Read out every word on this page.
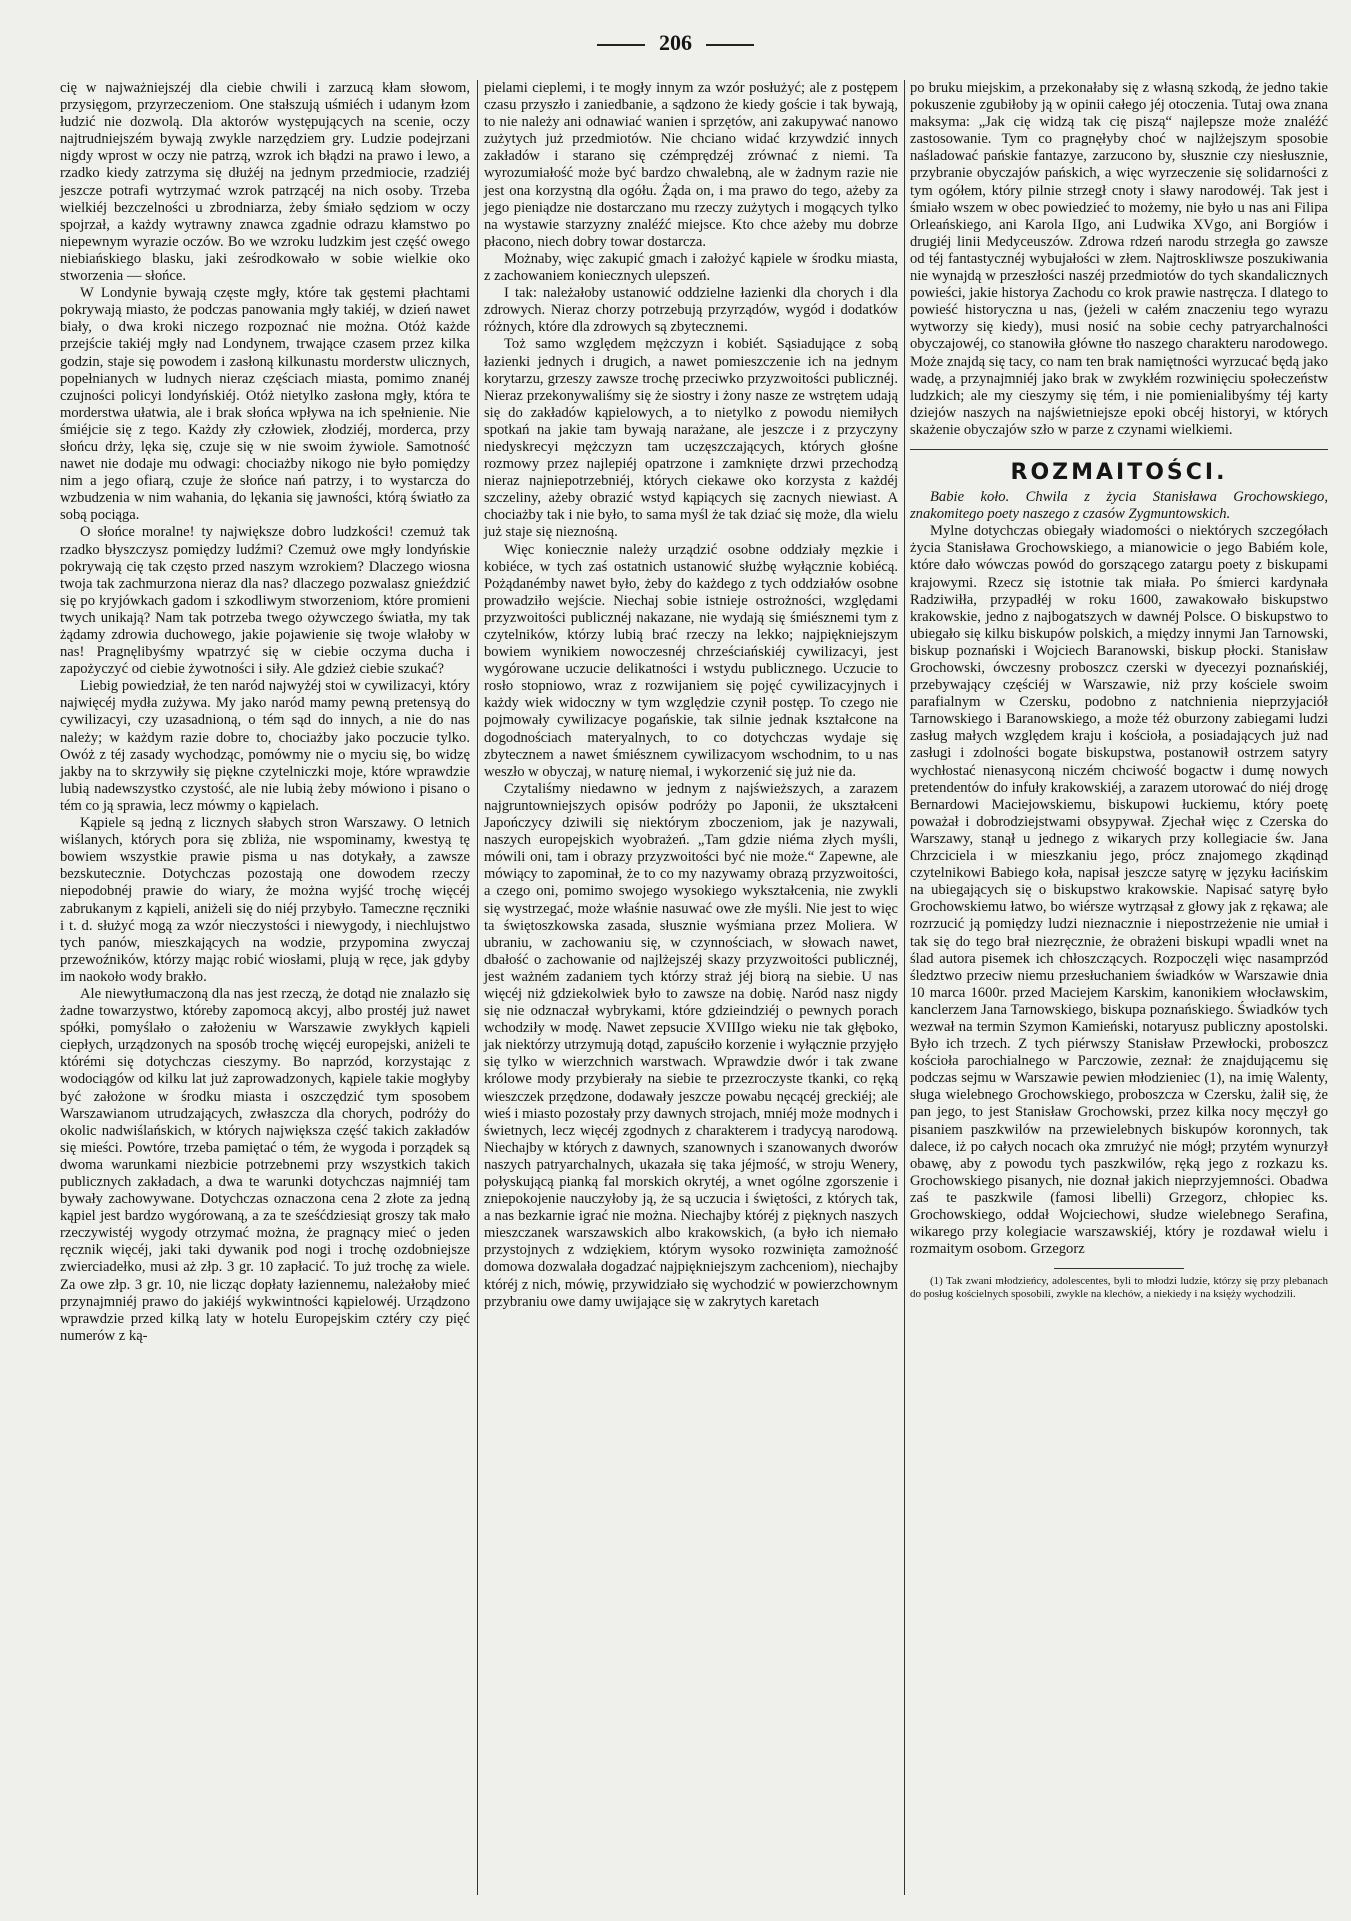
206

cię w najważniejszéj dla ciebie chwili i zarzucą kłam słowom, przysięgom, przyrzeczeniom. One stałszują uśmiéch i udanym łzom łudzić nie dozwolą. Dla aktorów występujących na scenie, oczy najtrudniejszém bywają zwykle narzędziem gry. Ludzie podejrzani nigdy wprost w oczy nie patrzą, wzrok ich błądzi na prawo i lewo, a rzadko kiedy zatrzyma się dłużéj na jednym przedmiocie, rzadziéj jeszcze potrafi wytrzymać wzrok patrzącéj na nich osoby. Trzeba wielkiéj bezczelności u zbrodniarza, żeby śmiało sędziom w oczy spojrzał, a każdy wytrawny znawca zgadnie odrazu kłamstwo po niepewnym wyrazie oczów. Bo we wzroku ludzkim jest część owego niebiańskiego blasku, jaki ześrodkowało w sobie wielkie oko stworzenia — słońce.

W Londynie bywają częste mgły, które tak gęstemi płachtami pokrywają miasto, że podczas panowania mgły takiéj, w dzień nawet biały, o dwa kroki niczego rozpoznać nie można. Otóż każde przejście takiéj mgły nad Londynem, trwające czasem przez kilka godzin, staje się powodem i zasłoną kilkunastu morderstw ulicznych, popełnianych w ludnych nieraz częściach miasta, pomimo znanéj czujności policyi londyńskiéj. Otóż nietylko zasłona mgły, która te morderstwa ułatwia, ale i brak słońca wpływa na ich spełnienie. Nie śmiéjcie się z tego. Każdy zły człowiek, złodziéj, morderca, przy słońcu drży, lęka się, czuje się w nie swoim żywiole. Samotność nawet nie dodaje mu odwagi: chociażby nikogo nie było pomiędzy nim a jego ofiarą, czuje że słońce nań patrzy, i to wystarcza do wzbudzenia w nim wahania, do lękania się jawności, którą światło za sobą pociąga.

O słońce moralne! ty największe dobro ludzkości! czemuż tak rzadko błyszczysz pomiędzy ludźmi? Czemuż owe mgły londyńskie pokrywają cię tak często przed naszym wzrokiem? Dlaczego wiosna twoja tak zachmurzona nieraz dla nas? dlaczego pozwalasz gnieździć się po kryjówkach gadom i szkodliwym stworzeniom, które promieni twych unikają? Nam tak potrzeba twego ożywczego światła, my tak żądamy zdrowia duchowego, jakie pojawienie się twoje wlałoby w nas! Pragnęlibyśmy wpatrzyć się w ciebie oczyma ducha i zapożyczyć od ciebie żywotności i siły. Ale gdzież ciebie szukać?

Liebig powiedział, że ten naród najwyżéj stoi w cywilizacyi, który najwięcéj mydła zużywa. My jako naród mamy pewną pretensyą do cywilizacyi, czy uzasadnioną, o tém sąd do innych, a nie do nas należy; w każdym razie dobre to, chociażby jako poczucie tylko. Owóż z téj zasady wychodząc, pomówmy nie o myciu się, bo widzę jakby na to skrzywiły się piękne czytelniczki moje, które wprawdzie lubią nadewszystko czystość, ale nie lubią żeby mówiono i pisano o tém co ją sprawia, lecz mówmy o kąpielach.

Kąpiele są jedną z licznych słabych stron Warszawy. O letnich wiślanych, których pora się zbliża, nie wspominamy, kwestyą tę bowiem wszystkie prawie pisma u nas dotykały, a zawsze bezskutecznie. Dotychczas pozostają one dowodem rzeczy niepodobnéj prawie do wiary, że można wyjść trochę więcéj zabrukanym z kąpieli, aniżeli się do niéj przybyło. Tameczne ręczniki i t. d. służyć mogą za wzór nieczystości i niewygody, i niechlujstwo tych panów, mieszkających na wodzie, przypomina zwyczaj przewoźników, którzy mając robić wiosłami, plują w ręce, jak gdyby im naokoło wody brakło.

Ale niewytłumaczoną dla nas jest rzeczą, że dotąd nie znalazło się żadne towarzystwo, któreby zapomocą akcyj, albo prostéj już nawet spółki, pomyślało o założeniu w Warszawie zwykłych kąpieli ciepłych, urządzonych na sposób trochę więcéj europejski, aniżeli te którémi się dotychczas cieszymy. Bo naprzód, korzystając z wodociągów od kilku lat już zaprowadzonych, kąpiele takie mogłyby być założone w środku miasta i oszczędzić tym sposobem Warszawianom utrudzających, zwłaszcza dla chorych, podróży do okolic nadwiślańskich, w których największa część takich zakładów się mieści. Powtóre, trzeba pamiętać o tém, że wygoda i porządek są dwoma warunkami niezbicie potrzebnemi przy wszystkich takich publicznych zakładach, a dwa te warunki dotychczas najmniéj tam bywały zachowywane. Dotychczas oznaczona cena 2 złote za jedną kąpiel jest bardzo wygórowaną, a za te sześćdziesiąt groszy tak mało rzeczywistéj wygody otrzymać można, że pragnący mieć o jeden ręcznik więcéj, jaki taki dywanik pod nogi i trochę ozdobniejsze zwierciadełko, musi aż złp. 3 gr. 10 zapłacić. To już trochę za wiele. Za owe złp. 3 gr. 10, nie licząc dopłaty łaziennemu, należałoby mieć przynajmniéj prawo do jakiéjś wykwintności kąpielowéj. Urządzono wprawdzie przed kilką laty w hotelu Europejskim cztéry czy pięć numerów z ką-

pielami cieplemi, i te mogły innym za wzór posłużyć; ale z postępem czasu przyszło i zaniedbanie, a sądzono że kiedy goście i tak bywają, to nie należy ani odnawiać wanien i sprzętów, ani zakupywać nanowo zużytych już przedmiotów. Nie chciano widać krzywdzić innych zakładów i starano się czémprędzéj zrównać z niemi. Ta wyrozumiałość może być bardzo chwalebną, ale w żadnym razie nie jest ona korzystną dla ogółu. Żąda on, i ma prawo do tego, ażeby za jego pieniądze nie dostarczano mu rzeczy zużytych i mogących tylko na wystawie starzyzny znaléźć miejsce. Kto chce ażeby mu dobrze płacono, niech dobry towar dostarcza.

Możnaby, więc zakupić gmach i założyć kąpiele w środku miasta, z zachowaniem koniecznych ulepszeń.

I tak: należałoby ustanowić oddzielne łazienki dla chorych i dla zdrowych. Nieraz chorzy potrzebują przyrządów, wygód i dodatków różnych, które dla zdrowych są zbytecznemi.

Toż samo względem mężczyzn i kobiét. Sąsiadujące z sobą łazienki jednych i drugich, a nawet pomieszczenie ich na jednym korytarzu, grzeszy zawsze trochę przeciwko przyzwoitości publicznéj. Nieraz przekonywaliśmy się że siostry i żony nasze ze wstrętem udają się do zakładów kąpielowych, a to nietylko z powodu niemiłych spotkań na jakie tam bywają narażane, ale jeszcze i z przyczyny niedyskrecyi mężczyzn tam uczęszczających, których głośne rozmowy przez najlepiéj opatrzone i zamknięte drzwi przechodzą nieraz najniepotrzebniéj, których ciekawe oko korzysta z każdéj szczeliny, ażeby obrazić wstyd kąpiących się zacnych niewiast. A chociażby tak i nie było, to sama myśl że tak dziać się może, dla wielu już staje się nieznośną.

Więc koniecznie należy urządzić osobne oddziały męzkie i kobiéce, w tych zaś ostatnich ustanowić służbę wyłącznie kobiécą. Pożądanémby nawet było, żeby do każdego z tych oddziałów osobne prowadziło wejście. Niechaj sobie istnieje ostrożności, względami przyzwoitości publicznéj nakazane, nie wydają się śmiésznemi tym z czytelników, którzy lubią brać rzeczy na lekko; najpiękniejszym bowiem wynikiem nowoczesnéj chrześciańskiéj cywilizacyi, jest wygórowane uczucie delikatności i wstydu publicznego. Uczucie to rosło stopniowo, wraz z rozwijaniem się pojęć cywilizacyjnych i każdy wiek widoczny w tym względzie czynił postęp. To czego nie pojmowały cywilizacye pogańskie, tak silnie jednak kształcone na dogodnościach materyalnych, to co dotychczas wydaje się zbytecznem a nawet śmiésznem cywilizacyom wschodnim, to u nas weszło w obyczaj, w naturę niemal, i wykorzenić się już nie da.

Czytaliśmy niedawno w jednym z najświeższych, a zarazem najgruntowniejszych opisów podróży po Japonii, że ukształceni Japończycy dziwili się niektórym zboczeniom, jak je nazywali, naszych europejskich wyobrażeń. „Tam gdzie niéma złych myśli, mówili oni, tam i obrazy przyzwoitości być nie może.“ Zapewne, ale mówiący to zapominał, że to co my nazywamy obrazą przyzwoitości, a czego oni, pomimo swojego wysokiego wykształcenia, nie zwykli się wystrzegać, może właśnie nasuwać owe złe myśli. Nie jest to więc ta świętoszkowska zasada, słusznie wyśmiana przez Moliera. W ubraniu, w zachowaniu się, w czynnościach, w słowach nawet, dbałość o zachowanie od najlżejszéj skazy przyzwoitości publicznéj, jest ważném zadaniem tych którzy straż jéj biorą na siebie. U nas więcéj niż gdziekolwiek było to zawsze na dobię. Naród nasz nigdy się nie odznaczał wybrykami, które gdzieindziéj o pewnych porach wchodziły w modę. Nawet zepsucie XVIIIgo wieku nie tak głęboko, jak niektórzy utrzymują dotąd, zapuściło korzenie i wyłącznie przyjęło się tylko w wierzchnich warstwach. Wprawdzie dwór i tak zwane królowe mody przybierały na siebie te przezroczyste tkanki, co ręką wieszczek przędzone, dodawały jeszcze powabu nęcącéj greckiéj; ale wieś i miasto pozostały przy dawnych strojach, mniéj może modnych i świetnych, lecz więcéj zgodnych z charakterem i tradycyą narodową. Niechajby w których z dawnych, szanownych i szanowanych dworów naszych patryarchalnych, ukazała się taka jéjmość, w stroju Wenery, połyskującą pianką fal morskich okrytéj, a wnet ogólne zgorszenie i zniepokojenie nauczyłoby ją, że są uczucia i świętości, z których tak, a nas bezkarnie igrać nie można. Niechajby któréj z pięknych naszych mieszczanek warszawskich albo krakowskich, (a było ich niemało przystojnych z wdziękiem, którym wysoko rozwinięta zamożność domowa dozwalała dogadzać najpiękniejszym zachceniom), niechajby któréj z nich, mówię, przywidziało się wychodzić w powierzchownym przybraniu owe damy uwijające się w zakrytych karetach

po bruku miejskim, a przekonałaby się z własną szkodą, że jedno takie pokuszenie zgubiłoby ją w opinii całego jéj otoczenia. Tutaj owa znana maksyma: „Jak cię widzą tak cię piszą“ najlepsze może znaléźć zastosowanie. Tym co pragnęłyby choć w najlżejszym sposobie naśladować pańskie fantazye, zarzucono by, słusznie czy niesłusznie, przybranie obyczajów pańskich, a więc wyrzeczenie się solidarności z tym ogółem, który pilnie strzegł cnoty i sławy narodowéj. Tak jest i śmiało wszem w obec powiedzieć to możemy, nie było u nas ani Filipa Orleańskiego, ani Karola IIgo, ani Ludwika XVgo, ani Borgiów i drugiéj linii Medyceuszów. Zdrowa rdzeń narodu strzegła go zawsze od téj fantastycznéj wybujałości w złem. Najtroskliwsze poszukiwania nie wynajdą w przeszłości naszéj przedmiotów do tych skandalicznych powieści, jakie historya Zachodu co krok prawie nastręcza. I dlatego to powieść historyczna u nas, (jeżeli w całém znaczeniu tego wyrazu wytworzy się kiedy), musi nosić na sobie cechy patryarchalności obyczajowéj, co stanowiła główne tło naszego charakteru narodowego. Może znajdą się tacy, co nam ten brak namiętności wyrzucać będą jako wadę, a przynajmniéj jako brak w zwykłém rozwinięciu społeczeństw ludzkich; ale my cieszymy się tém, i nie pomienialibyśmy téj karty dziejów naszych na najświetniejsze epoki obcéj historyi, w których skażenie obyczajów szło w parze z czynami wielkiemi.

ROZMAITOŚCI.

Babie koło. Chwila z życia Stanisława Grochowskiego, znakomitego poety naszego z czasów Zygmuntowskich.

Mylne dotychczas obiegały wiadomości o niektórych szczegółach życia Stanisława Grochowskiego, a mianowicie o jego Babiém kole, które dało wówczas powód do gorszącego zatargu poety z biskupami krajowymi. Rzecz się istotnie tak miała. Po śmierci kardynała Radziwiłła, przypadłéj w roku 1600, zawakowało biskupstwo krakowskie, jedno z najbogatszych w dawnéj Polsce. O biskupstwo to ubiegało się kilku biskupów polskich, a między innymi Jan Tarnowski, biskup poznański i Wojciech Baranowski, biskup płocki. Stanisław Grochowski, ówczesny proboszcz czerski w dyecezyi poznańskiéj, przebywający częściéj w Warszawie, niż przy kościele swoim parafialnym w Czersku, podobno z natchnienia nieprzyjaciół Tarnowskiego i Baranowskiego, a może téż oburzony zabiegami ludzi zasług małych względem kraju i kościoła, a posiadających już nad zasługi i zdolności bogate biskupstwa, postanowił ostrzem satyry wychłostać nienasyconą niczém chciwość bogactw i dumę nowych pretendentów do infuły krakowskiéj, a zarazem utorować do niéj drogę Bernardowi Maciejowskiemu, biskupowi łuckiemu, który poetę poważał i dobrodziejstwami obsypywał. Zjechał więc z Czerska do Warszawy, stanął u jednego z wikarych przy kollegiacie św. Jana Chrzciciela i w mieszkaniu jego, prócz znajomego zkądinąd czytelnikowi Babiego koła, napisał jeszcze satyrę w języku łacińskim na ubiegających się o biskupstwo krakowskie. Napisać satyrę było Grochowskiemu łatwo, bo wiérsze wytrząsał z głowy jak z rękawa; ale rozrzucić ją pomiędzy ludzi nieznacznie i niepostrzeżenie nie umiał i tak się do tego brał niezręcznie, że obrażeni biskupi wpadli wnet na ślad autora pisemek ich chłoszczących. Rozpoczęli więc nasamprzód śledztwo przeciw niemu przesłuchaniem świadków w Warszawie dnia 10 marca 1600r. przed Maciejem Karskim, kanonikiem włocławskim, kanclerzem Jana Tarnowskiego, biskupa poznańskiego. Świadków tych wezwał na termin Szymon Kamieński, notaryusz publiczny apostolski. Było ich trzech. Z tych piérwszy Stanisław Przewłocki, proboszcz kościoła parochialnego w Parczowie, zeznał: że znajdującemu się podczas sejmu w Warszawie pewien młodzieniec (1), na imię Walenty, sługa wielebnego Grochowskiego, proboszcza w Czersku, żalił się, że pan jego, to jest Stanisław Grochowski, przez kilka nocy męczył go pisaniem paszkwilów na przewielebnych biskupów koronnych, tak dalece, iż po całych nocach oka zmrużyć nie mógł; przytém wynurzył obawę, aby z powodu tych paszkwilów, ręką jego z rozkazu ks. Grochowskiego pisanych, nie doznał jakich nieprzyjemności. Obadwa zaś te paszkwile (famosi libelli) Grzegorz, chłopiec ks. Grochowskiego, oddał Wojciechowi, słudze wielebnego Serafina, wikarego przy kolegiacie warszawskiéj, który je rozdawał wielu i rozmaitym osobom. Grzegorz

(1) Tak zwani młodzieńcy, adolescentes, byli to młodzi ludzie, którzy się przy plebanach do posług kościelnych sposobili, zwykle na klechów, a niekiedy i na księży wychodzili.
